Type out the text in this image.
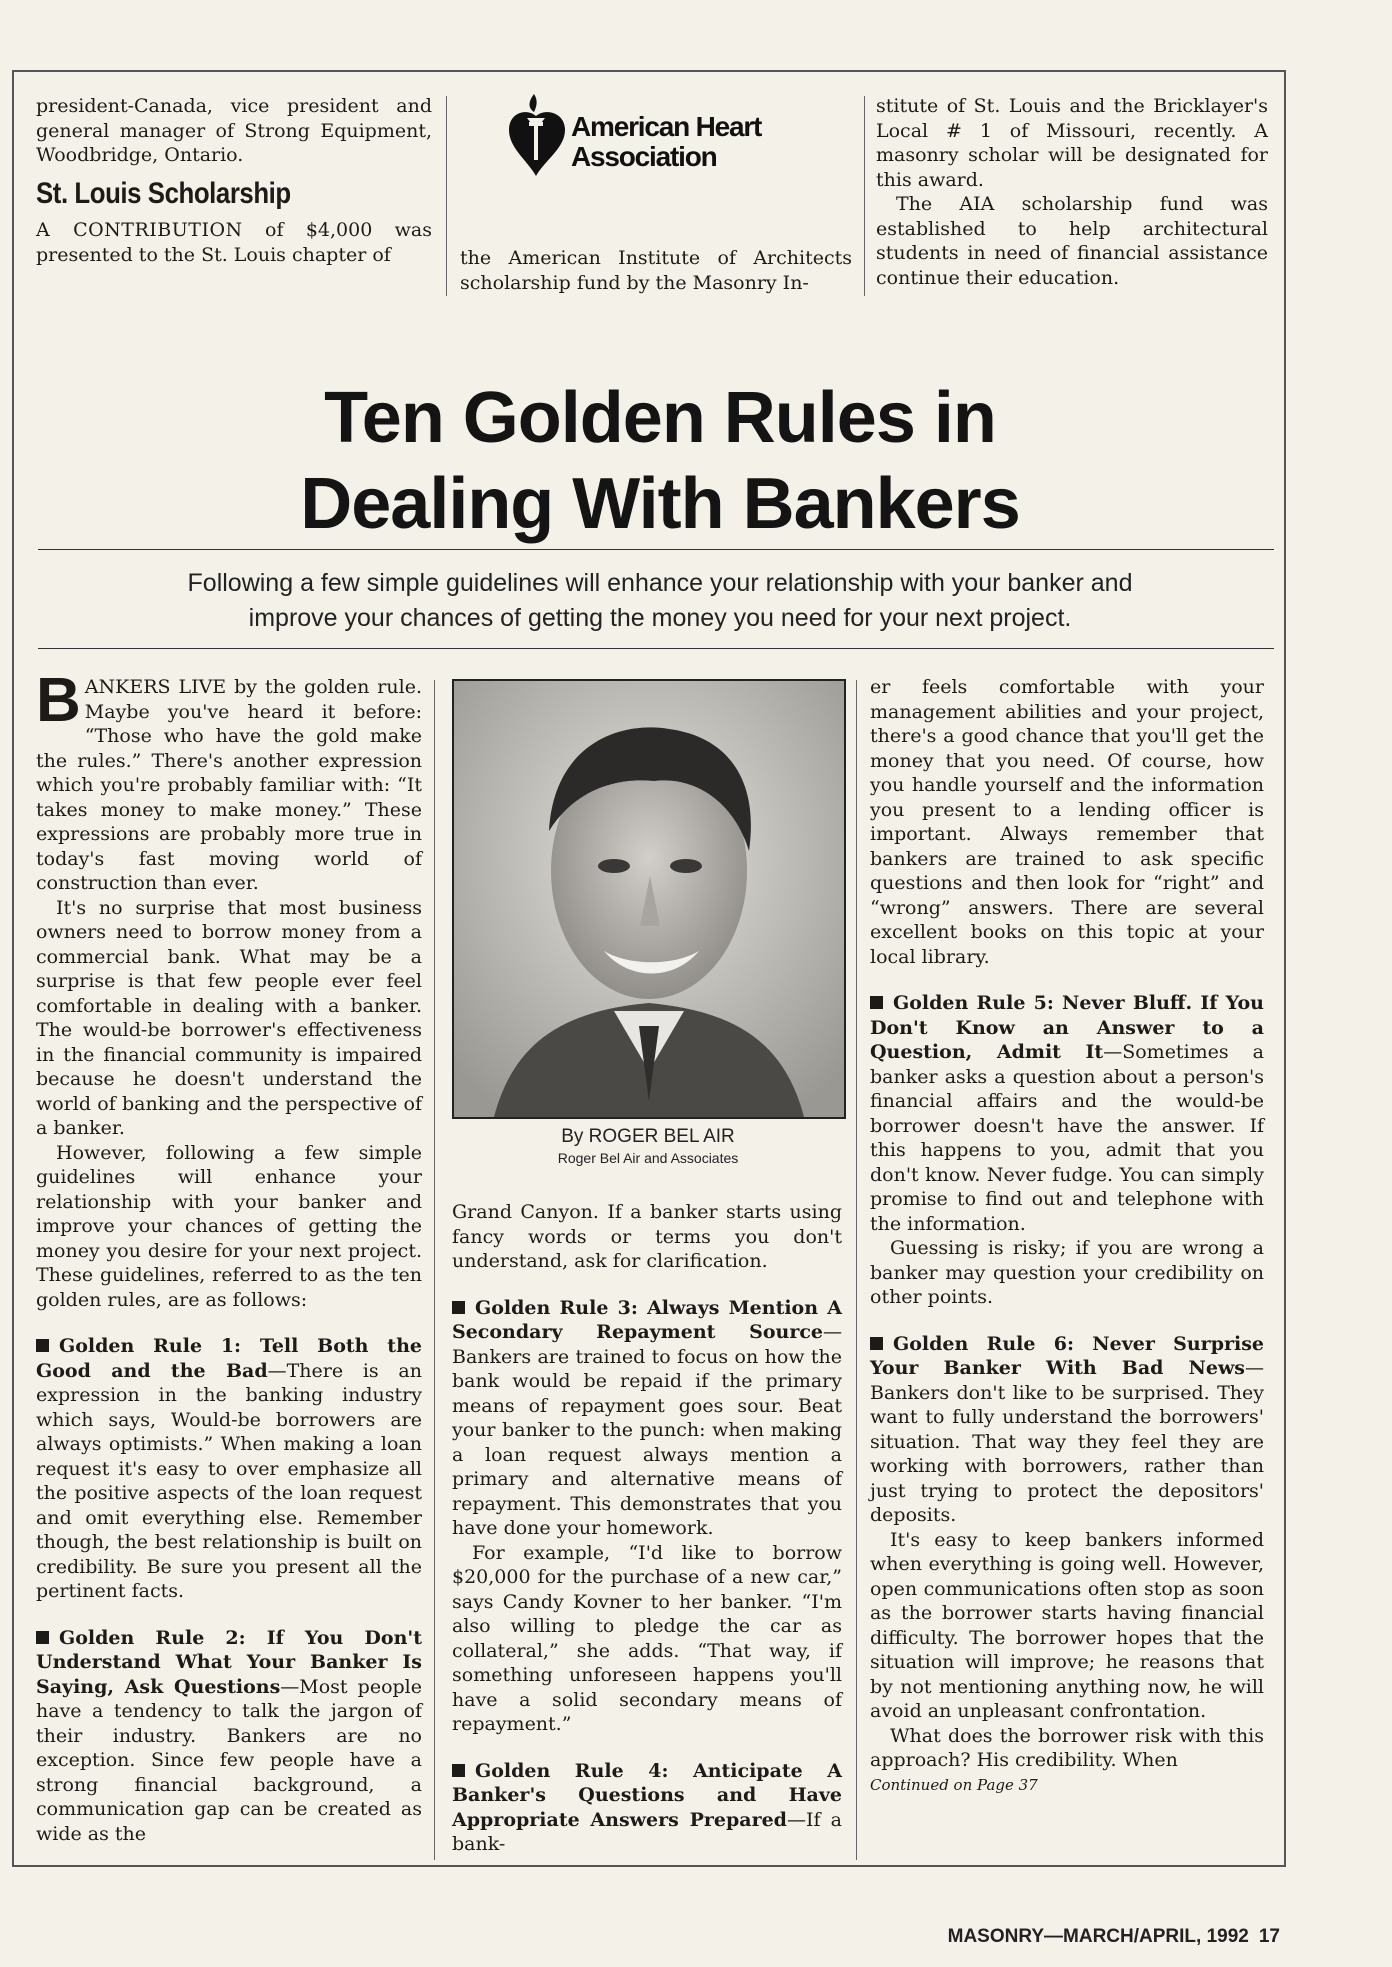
president-Canada, vice president and general manager of Strong Equipment, Woodbridge, Ontario.

St. Louis Scholarship

A CONTRIBUTION of $4,000 was presented to the St. Louis chapter of

American Heart
Association

the American Institute of Architects scholarship fund by the Masonry In-

stitute of St. Louis and the Bricklayer's Local # 1 of Missouri, recently. A masonry scholar will be designated for this award.

The AIA scholarship fund was established to help architectural students in need of financial assistance continue their education.

Ten Golden Rules in
Dealing With Bankers
Following a few simple guidelines will enhance your relationship with your banker and
improve your chances of getting the money you need for your next project.

BANKERS LIVE by the golden rule. Maybe you've heard it before: “Those who have the gold make the rules.” There's another expression which you're probably familiar with: “It takes money to make money.” These expressions are probably more true in today's fast moving world of construction than ever.

It's no surprise that most business owners need to borrow money from a commercial bank. What may be a surprise is that few people ever feel comfortable in dealing with a banker. The would-be borrower's effectiveness in the financial community is impaired because he doesn't understand the world of banking and the perspective of a banker.

However, following a few simple guidelines will enhance your relationship with your banker and improve your chances of getting the money you desire for your next project. These guidelines, referred to as the ten golden rules, are as follows:

Golden Rule 1: Tell Both the Good and the Bad—There is an expression in the banking industry which says, Would-be borrowers are always optimists.” When making a loan request it's easy to over emphasize all the positive aspects of the loan request and omit everything else. Remember though, the best relationship is built on credibility. Be sure you present all the pertinent facts.

Golden Rule 2: If You Don't Understand What Your Banker Is Saying, Ask Questions—Most people have a tendency to talk the jargon of their industry. Bankers are no exception. Since few people have a strong financial background, a communication gap can be created as wide as the

By ROGER BEL AIR
Roger Bel Air and Associates

Grand Canyon. If a banker starts using fancy words or terms you don't understand, ask for clarification.

Golden Rule 3: Always Mention A Secondary Repayment Source—Bankers are trained to focus on how the bank would be repaid if the primary means of repayment goes sour. Beat your banker to the punch: when making a loan request always mention a primary and alternative means of repayment. This demonstrates that you have done your homework.

For example, “I'd like to borrow $20,000 for the purchase of a new car,” says Candy Kovner to her banker. “I'm also willing to pledge the car as collateral,” she adds. “That way, if something unforeseen happens you'll have a solid secondary means of repayment.”

Golden Rule 4: Anticipate A Banker's Questions and Have Appropriate Answers Prepared—If a bank-

er feels comfortable with your management abilities and your project, there's a good chance that you'll get the money that you need. Of course, how you handle yourself and the information you present to a lending officer is important. Always remember that bankers are trained to ask specific questions and then look for “right” and “wrong” answers. There are several excellent books on this topic at your local library.

Golden Rule 5: Never Bluff. If You Don't Know an Answer to a Question, Admit It—Sometimes a banker asks a question about a person's financial affairs and the would-be borrower doesn't have the answer. If this happens to you, admit that you don't know. Never fudge. You can simply promise to find out and telephone with the information.

Guessing is risky; if you are wrong a banker may question your credibility on other points.

Golden Rule 6: Never Surprise Your Banker With Bad News—Bankers don't like to be surprised. They want to fully understand the borrowers' situation. That way they feel they are working with borrowers, rather than just trying to protect the depositors' deposits.

It's easy to keep bankers informed when everything is going well. However, open communications often stop as soon as the borrower starts having financial difficulty. The borrower hopes that the situation will improve; he reasons that by not mentioning anything now, he will avoid an unpleasant confrontation.

What does the borrower risk with this approach? His credibility. When

Continued on Page 37

MASONRY—MARCH/APRIL, 1992 17
